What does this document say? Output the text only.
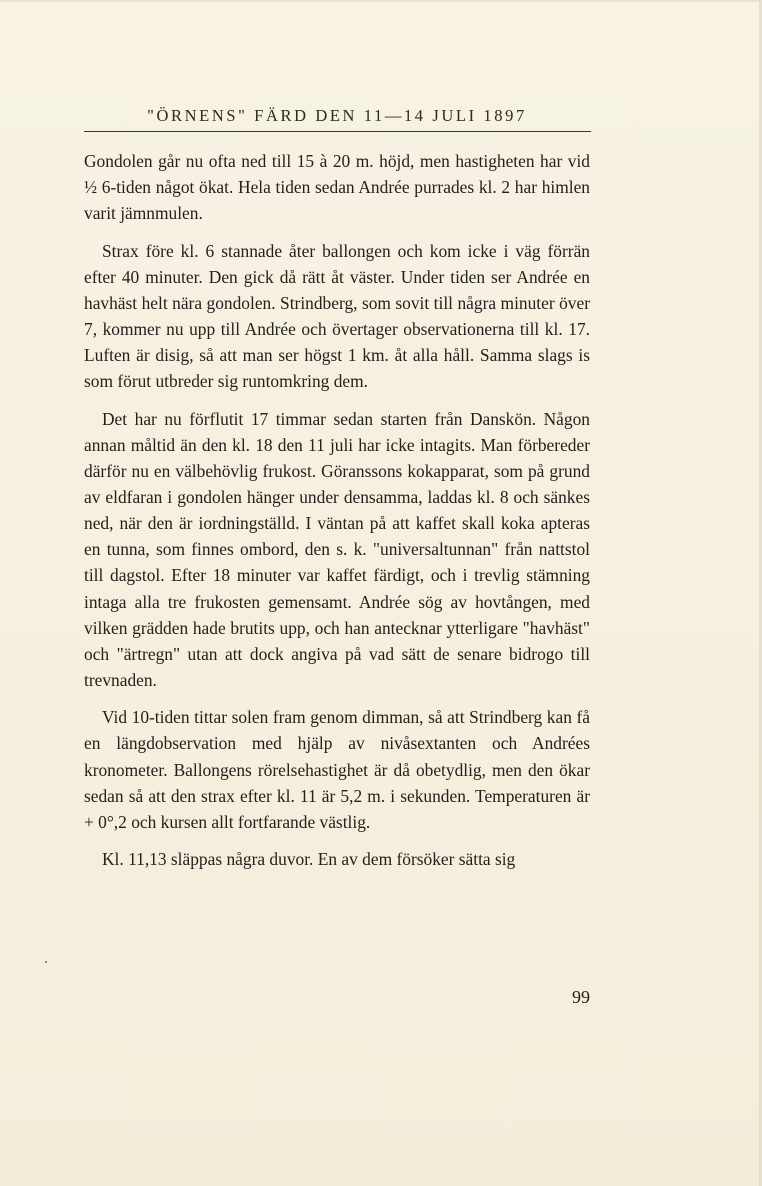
"ÖRNENS" FÄRD DEN 11—14 JULI 1897

Gondolen går nu ofta ned till 15 à 20 m. höjd, men hastigheten har vid ½ 6-tiden något ökat. Hela tiden sedan Andrée purrades kl. 2 har himlen varit jämnmulen.

Strax före kl. 6 stannade åter ballongen och kom icke i väg förrän efter 40 minuter. Den gick då rätt åt väster. Under tiden ser Andrée en havhäst helt nära gondolen. Strindberg, som sovit till några minuter över 7, kommer nu upp till Andrée och övertager observationerna till kl. 17. Luften är disig, så att man ser högst 1 km. åt alla håll. Samma slags is som förut utbreder sig runtomkring dem.

Det har nu förflutit 17 timmar sedan starten från Danskön. Någon annan måltid än den kl. 18 den 11 juli har icke intagits. Man förbereder därför nu en välbehövlig frukost. Göranssons kokapparat, som på grund av eldfaran i gondolen hänger under densamma, laddas kl. 8 och sänkes ned, när den är iordningställd. I väntan på att kaffet skall koka apteras en tunna, som finnes ombord, den s. k. "universaltunnan" från nattstol till dagstol. Efter 18 minuter var kaffet färdigt, och i trevlig stämning intaga alla tre frukosten gemensamt. Andrée sög av hovtången, med vilken grädden hade brutits upp, och han antecknar ytterligare "havhäst" och "ärtregn" utan att dock angiva på vad sätt de senare bidrogo till trevnaden.

Vid 10-tiden tittar solen fram genom dimman, så att Strindberg kan få en längdobservation med hjälp av nivåsextanten och Andrées kronometer. Ballongens rörelsehastighet är då obetydlig, men den ökar sedan så att den strax efter kl. 11 är 5,2 m. i sekunden. Temperaturen är + 0°,2 och kursen allt fortfarande västlig.

Kl. 11,13 släppas några duvor. En av dem försöker sätta sig

99
